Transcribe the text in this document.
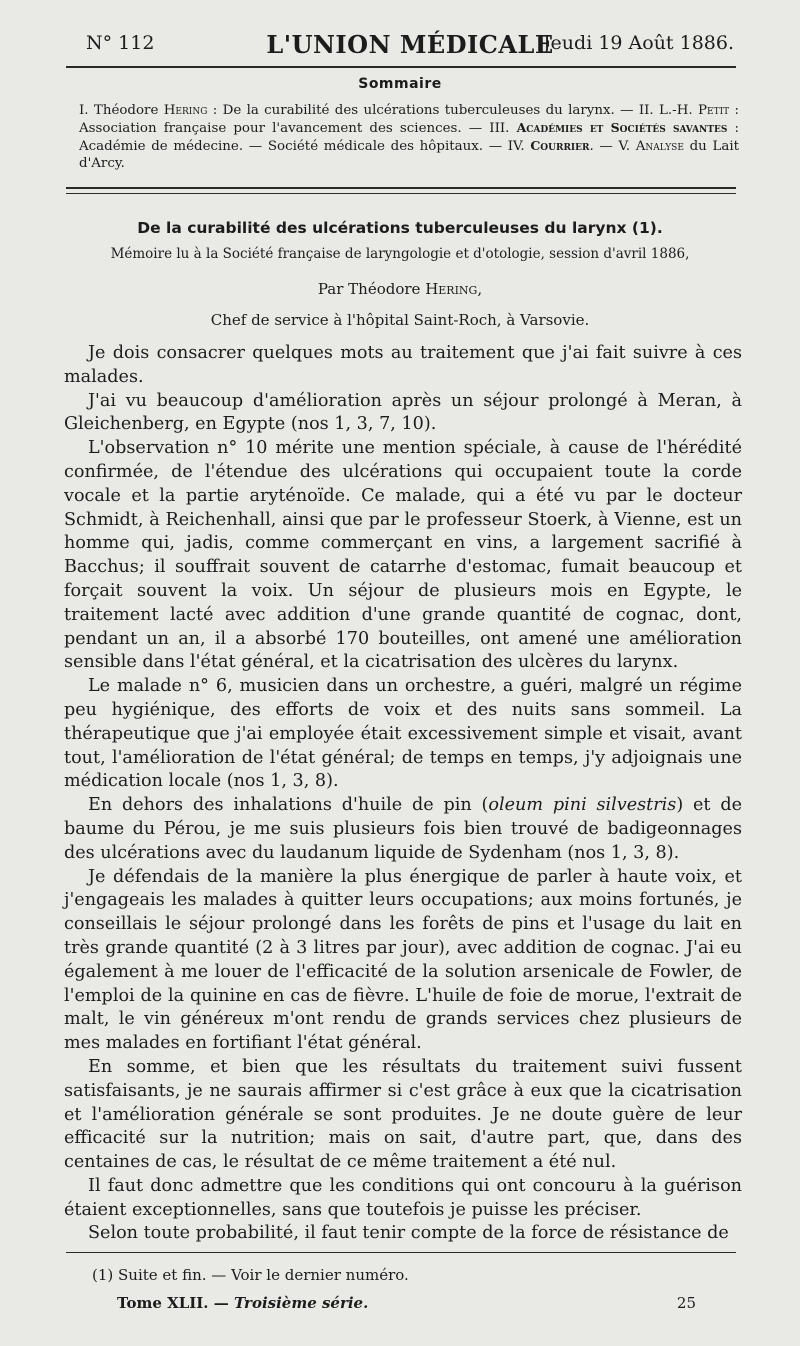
N° 112	L'UNION MÉDICALE
Jeudi 19 Août 1886.
Sommaire
I. Théodore Hering : De la curabilité des ulcérations tuberculeuses du larynx. — II. L.-H. Petit : Association française pour l'avancement des sciences. — III. Académies et Sociétés savantes : Académie de médecine. — Société médicale des hôpitaux. — IV. Courrier. — V. Analyse du Lait d'Arcy.
De la curabilité des ulcérations tuberculeuses du larynx (1).
Mémoire lu à la Société française de laryngologie et d'otologie, session d'avril 1886,
Par Théodore Hering,
Chef de service à l'hôpital Saint-Roch, à Varsovie.

Je dois consacrer quelques mots au traitement que j'ai fait suivre à ces malades.

J'ai vu beaucoup d'amélioration après un séjour prolongé à Meran, à Gleichenberg, en Egypte (nos 1, 3, 7, 10).

L'observation n° 10 mérite une mention spéciale, à cause de l'hérédité confirmée, de l'étendue des ulcérations qui occupaient toute la corde vocale et la partie aryténoïde. Ce malade, qui a été vu par le docteur Schmidt, à Reichenhall, ainsi que par le professeur Stoerk, à Vienne, est un homme qui, jadis, comme commerçant en vins, a largement sacrifié à Bacchus; il souffrait souvent de catarrhe d'estomac, fumait beaucoup et forçait souvent la voix. Un séjour de plusieurs mois en Egypte, le traitement lacté avec addition d'une grande quantité de cognac, dont, pendant un an, il a absorbé 170 bouteilles, ont amené une amélioration sensible dans l'état général, et la cicatrisation des ulcères du larynx.

Le malade n° 6, musicien dans un orchestre, a guéri, malgré un régime peu hygiénique, des efforts de voix et des nuits sans sommeil. La thérapeutique que j'ai employée était excessivement simple et visait, avant tout, l'amélioration de l'état général; de temps en temps, j'y adjoignais une médication locale (nos 1, 3, 8).

En dehors des inhalations d'huile de pin (oleum pini silvestris) et de baume du Pérou, je me suis plusieurs fois bien trouvé de badigeonnages des ulcérations avec du laudanum liquide de Sydenham (nos 1, 3, 8).

Je défendais de la manière la plus énergique de parler à haute voix, et j'engageais les malades à quitter leurs occupations; aux moins fortunés, je conseillais le séjour prolongé dans les forêts de pins et l'usage du lait en très grande quantité (2 à 3 litres par jour), avec addition de cognac. J'ai eu également à me louer de l'efficacité de la solution arsenicale de Fowler, de l'emploi de la quinine en cas de fièvre. L'huile de foie de morue, l'extrait de malt, le vin généreux m'ont rendu de grands services chez plusieurs de mes malades en fortifiant l'état général.

En somme, et bien que les résultats du traitement suivi fussent satisfaisants, je ne saurais affirmer si c'est grâce à eux que la cicatrisation et l'amélioration générale se sont produites. Je ne doute guère de leur efficacité sur la nutrition; mais on sait, d'autre part, que, dans des centaines de cas, le résultat de ce même traitement a été nul.

Il faut donc admettre que les conditions qui ont concouru à la guérison étaient exceptionnelles, sans que toutefois je puisse les préciser.

Selon toute probabilité, il faut tenir compte de la force de résistance de

(1) Suite et fin. — Voir le dernier numéro.
Tome XLII. — Troisième série.	25
